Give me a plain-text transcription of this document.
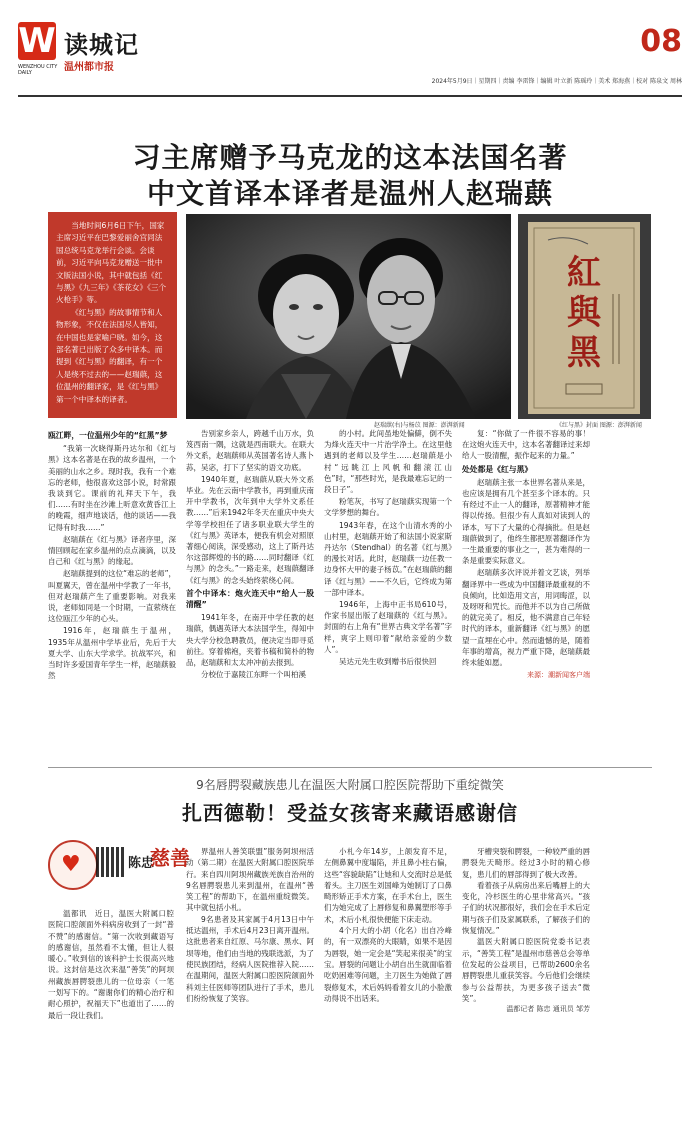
W
WENZHOU CITY DAILY
读城记
温州都市报
08
2024年5月9日｜星期四｜责编 李雷锋｜编辑 叶立新 陈瑶玲｜美术 郑海燕｜校对 陈泉文 周林
习主席赠予马克龙的这本法国名著
中文首译本译者是温州人赵瑞蕻

当地时间6月6日下午，国家主席习近平在巴黎爱丽舍宫同法国总统马克龙举行会谈。会谈前，习近平向马克龙赠送一批中文版法国小说，其中就包括《红与黑》《九三年》《茶花女》《三个火枪手》等。

《红与黑》的故事情节和人物形象，不仅在法国尽人皆知，在中国也是家喻户晓。如今，这部名著已出版了众多中译本。而提到《红与黑》的翻译，有一个人是绕不过去的——赵瑞蕻，这位温州的翻译家，是《红与黑》第一个中译本的译者。

赵瑞蕻(右)与杨苡 图源：澎湃新闻
紅
與
黑
《红与黑》封面 图源：澎湃新闻

瓯江畔，一位温州少年的“红黑”梦

“我第一次晓得斯丹达尔和《红与黑》这本名著是在我的故乡温州，一个美丽的山水之乡。现时我，我有一个难忘的老师，他很喜欢这部小说，时常跟我谈到它。课前的礼拜天下午，我们……有时坐在沙滩上听意欢黄昏江上的晚霞，细声地谈话，他的谈话——我记得有时我……”

赵瑞蕻在《红与黑》译者序里，深情回顾起在家乡温州的点点滴滴，以及自己和《红与黑》的缘起。

赵瑞蕻提到的这位“难忘的老师”，叫夏翼天，曾在温州中学教了一年书，但对赵瑞蕻产生了重要影响。对我来说，老师如同是一个时期，一直萦绕在这位瓯江少年的心头。

1916年，赵瑞蕻生于温州，1935年从温州中学毕业后，先后于大夏大学、山东大学求学。抗战军兴，和当时许多爱国青年学生一样，赵瑞蕻毅然

告别家乡亲人，跨越千山万水，负笈西南一隅，这就是西南联大。在联大外文系，赵瑞蕻师从英国著名诗人燕卜荪，吴宓，打下了坚实的语文功底。

1940年夏，赵瑞蕻从联大外文系毕业。先在云南中学教书，再到重庆南开中学教书，次年到中大学外文系任教……”后来1942年冬天在重庆中央大学等学校担任了诸多职业联大学生的《红与黑》英译本，便我有机会对照原著细心阅读，深受感动，这上了斯丹达尔这部辉煌的书的路……同时翻译《红与黑》的念头。”一路走来，赵瑞蕻翻译《红与黑》的念头始终萦绕心间。

首个中译本：炮火连天中“给人一股清醒”

1941年冬，在南开中学任教的赵瑞蕻，偶遇英译大本法国学生，得知中央大学分校急聘教员，便决定当即寻觅前往。穿着棉袍，夹着书稿和简朴的物品，赵瑞蕻和太太冲冲前去报到。

分校位于嘉陵江东畔一个叫柏溪

的小村。此间虽地处偏僻，倒不失为烽火连天中一片治学净土。在这里他遇到的老师以及学生……赵瑞蕻是小村“远眺江上风帆和翻滚江山色”时，“那些时光，是我最难忘记的一段日子”。

粉笔灰，书写了赵瑞蕻实现第一个文学梦想的舞台。

1943年春，在这个山清水秀的小山村里，赵瑞蕻开始了和法国小说家斯丹达尔（Stendhal）的名著《红与黑》的漫长对话。此时，赵瑞蕻一边任教一边身怀大甲的妻子杨苡。”在赵瑞蕻的翻译《红与黑》——不久后，它终成为第一部中译本。

1946年，上海中正书局610号，作家书屋出版了赵瑞蕻的《红与黑》。封面的右上角有“世界古典文学名著”字样，爽字上则印着“献给亲爱的少数人”。

吴达元先生收到赠书后很快回

复：“你做了一件很不容易的事！在这炮火连天中，这本名著翻译过来却给人一股清醒，振作起来的力量。”

处处都是《红与黑》

赵瑞蕻主张一本世界名著从来是，也应该是拥有几个甚至多个译本的。只有经过不止一人的翻译，原著精神才能得以传扬。但很少有人真如对读到人的译本，写下了大量的心得摘批。但是赵瑞蕻做到了，他终生都把原著翻译作为一生最重要的事业之一，甚为难得的一条是重要实际意义。

赵瑞蕻多次评说并着文艺谈，列举翻译界中一些成为中国翻译最重视的不良倾向，比如造用文言，用词晦涩，以及呀呀和咒长。而他并不以为自己所做的就完美了。相反，他不满意自己年轻时代的译本，重新翻译《红与黑》的愿望一直埋在心中。然而遗憾的是，随着年事的增高，视力严重下降，赵瑞蕻最终未能如愿。

来源：潮新闻客户端

9名唇腭裂藏族患儿在温医大附属口腔医院帮助下重绽微笑
扎西德勒！受益女孩寄来藏语感谢信
♥	陈忠
慈善

温都讯　近日，温医大附属口腔医院口腔颌面外科病房收到了一封“普不赞”的感谢信。“第一次收到藏语写的感谢信，虽然看不太懂，但让人很暖心。”收到信的该科护士长很高兴地说。这封信是这次来温“善笑”的阿坝州藏族唇腭裂患儿的一位母亲（一笔一划写下的。“谢谢你们的精心治疗和耐心照护，祝福天下”也道出了……的最后一段让我们。

界温州人善笑联盟”服务阿坝州活动（第二期）在温医大附属口腔医院举行。来自四川阿坝州藏族羌族自治州的9名唇腭裂患儿来到温州，在温州“善笑工程”的帮助下，在温州重绽微笑。其中就包括小札。

9名患者及其家属于4月13日中午抵达温州，手术后4月23日离开温州。这批患者来自红原、马尔康、黑水、阿坝等地，他们由当地的残联选派，为了使民族团结，经病人医院推荐入院……在温期间，温医大附属口腔医院颌面外科刘主任医师等团队进行了手术，患儿们纷纷恢复了笑容。

小札今年14岁，上颌发育不足，左侧鼻翼中度塌陷，并且鼻小柱右偏，这些“容貌缺陷”让她和人交流时总是低着头。主刀医生刘国峰为她制订了口鼻畸形矫正手术方案，在手术台上，医生们为她完成了上唇修复和鼻翼塑形等手术，术后小札很快便能下床走动。

4个月大的小胡（化名）出自冷峰的，有一双漂亮的大眼睛，如果不是因为唇裂，她一定会是“笑起来很美”的宝宝。唇裂的问题让小胡自出生就面临着吃奶困难等问题，主刀医生为她做了唇裂修复术，术后妈妈看着女儿的小脸激动得说不出话来。

牙槽突裂和腭裂，一种较严重的唇腭裂先天畸形。经过3小时的精心修复，患儿们的唇部得到了极大改善。

看着孩子从病房出来后嘴唇上的大变化，冷杉医生的心里非常高兴。“孩子们的状况都很好，我们会在手术后定期与孩子们及家属联系，了解孩子们的恢复情况。”

温医大附属口腔医院党委书记表示，“善笑工程”是温州市慈善总会等单位发起的公益项目，已帮助2600余名唇腭裂患儿重获笑容。今后他们会继续参与公益帮扶，为更多孩子送去“微笑”。

温都记者 陈忠 通讯员 邹芳
